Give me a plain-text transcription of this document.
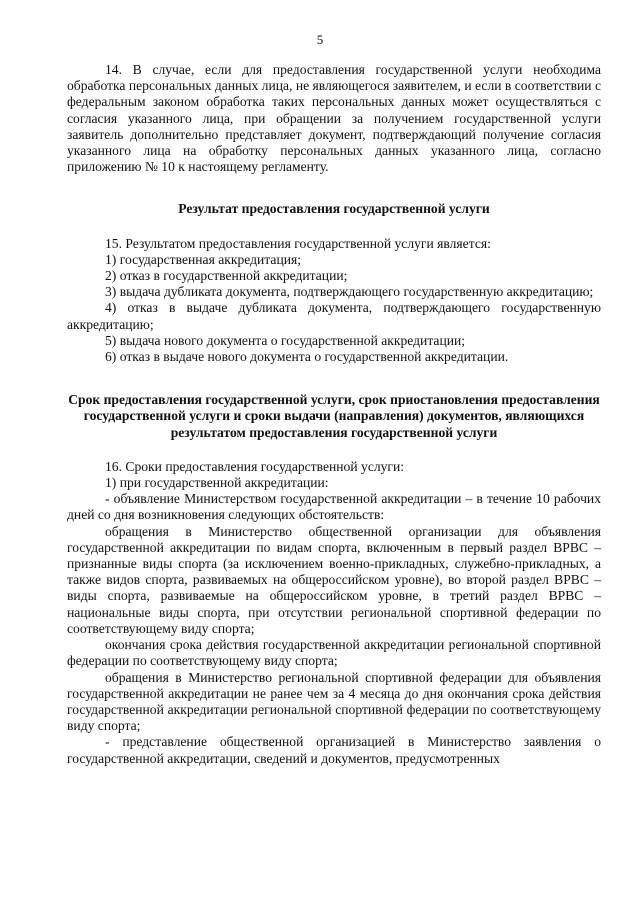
5

14. В случае, если для предоставления государственной услуги необходима обработка персональных данных лица, не являющегося заявителем, и если в соответствии с федеральным законом обработка таких персональных данных может осуществляться с согласия указанного лица, при обращении за получением государственной услуги заявитель дополнительно представляет документ, подтверждающий получение согласия указанного лица на обработку персональных данных указанного лица, согласно приложению № 10 к настоящему регламенту.

Результат предоставления государственной услуги

15. Результатом предоставления государственной услуги является:

1) государственная аккредитация;

2) отказ в государственной аккредитации;

3) выдача дубликата документа, подтверждающего государственную аккредитацию;

4) отказ в выдаче дубликата документа, подтверждающего государственную аккредитацию;

5) выдача нового документа о государственной аккредитации;

6) отказ в выдаче нового документа о государственной аккредитации.

Срок предоставления государственной услуги, срок приостановления предоставления государственной услуги и сроки выдачи (направления) документов, являющихся результатом предоставления государственной услуги

16. Сроки предоставления государственной услуги:

1) при государственной аккредитации:

- объявление Министерством государственной аккредитации – в течение 10 рабочих дней со дня возникновения следующих обстоятельств:

обращения в Министерство общественной организации для объявления государственной аккредитации по видам спорта, включенным в первый раздел ВРВС – признанные виды спорта (за исключением военно-прикладных, служебно-прикладных, а также видов спорта, развиваемых на общероссийском уровне), во второй раздел ВРВС – виды спорта, развиваемые на общероссийском уровне, в третий раздел ВРВС – национальные виды спорта, при отсутствии региональной спортивной федерации по соответствующему виду спорта;

окончания срока действия государственной аккредитации региональной спортивной федерации по соответствующему виду спорта;

обращения в Министерство региональной спортивной федерации для объявления государственной аккредитации не ранее чем за 4 месяца до дня окончания срока действия государственной аккредитации региональной спортивной федерации по соответствующему виду спорта;

- представление общественной организацией в Министерство заявления о государственной аккредитации, сведений и документов, предусмотренных
